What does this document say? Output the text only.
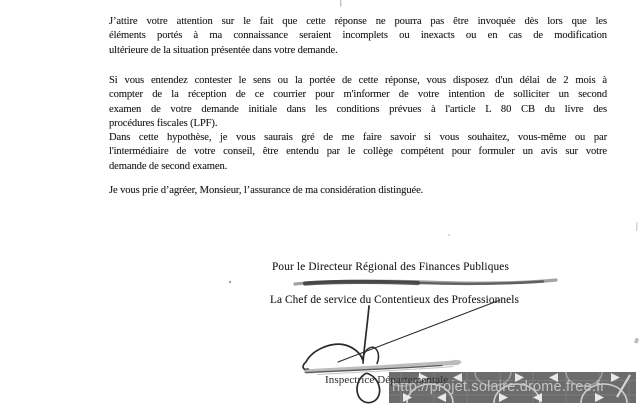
J’attire votre attention sur le fait que cette réponse ne pourra pas être invoquée dès lors que les
éléments portés à ma connaissance seraient incomplets ou inexacts ou en cas de modification
ultérieure de la situation présentée dans votre demande.
Si vous entendez contester le sens ou la portée de cette réponse, vous disposez d'un délai de 2 mois à
compter de la réception de ce courrier pour m'informer de votre intention de solliciter un second
examen de votre demande initiale dans les conditions prévues à l'article L 80 CB du livre des
procédures fiscales (LPF).
Dans cette hypothèse, je vous saurais gré de me faire savoir si vous souhaitez, vous-même ou par
l'intermédiaire de votre conseil, être entendu par le collège compétent pour formuler un avis sur votre
demande de second examen.
Je vous prie d’agréer, Monsieur, l’assurance de ma considération distinguée.
Pour le Directeur Régional des Finances Publiques
La Chef de service du Contentieux des Professionnels
Inspectrice Départementale
http://projet.solaire.drome.free.fr
